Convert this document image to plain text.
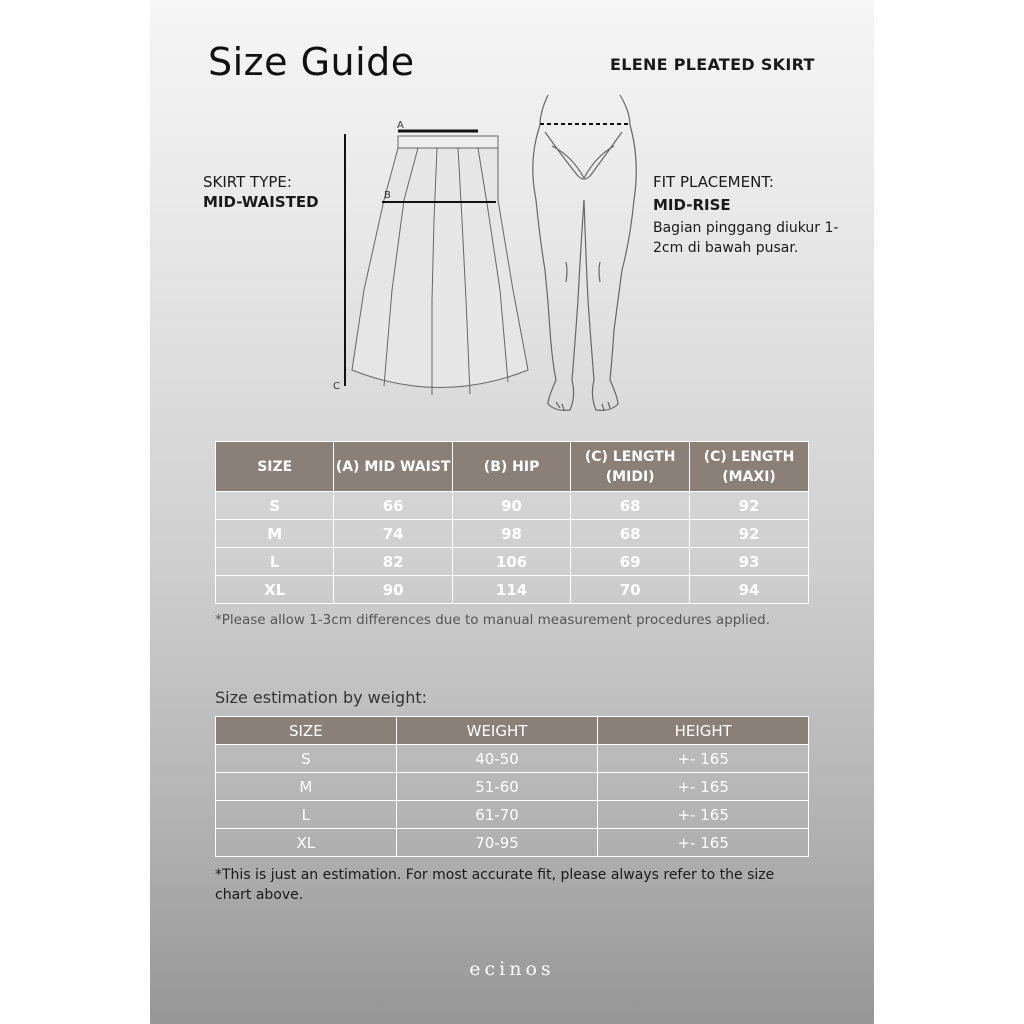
Size Guide	ELENE PLEATED SKIRT
SKIRT TYPE:
MID-WAISTED
FIT PLACEMENT:
MID-RISE
Bagian pinggang diukur 1-2cm di bawah pusar.
A
B
C
SIZE	(A) MID WAIST	(B) HIP	(C) LENGTH (MIDI)	(C) LENGTH (MAXI)
S	66	90	68	92
M	74	98	68	92
L	82	106	69	93
XL	90	114	70	94
*Please allow 1-3cm differences due to manual measurement procedures applied.
Size estimation by weight:
SIZE	WEIGHT	HEIGHT
S	40-50	+- 165
M	51-60	+- 165
L	61-70	+- 165
XL	70-95	+- 165
*This is just an estimation. For most accurate fit, please always refer to the size chart above.
ecinos
